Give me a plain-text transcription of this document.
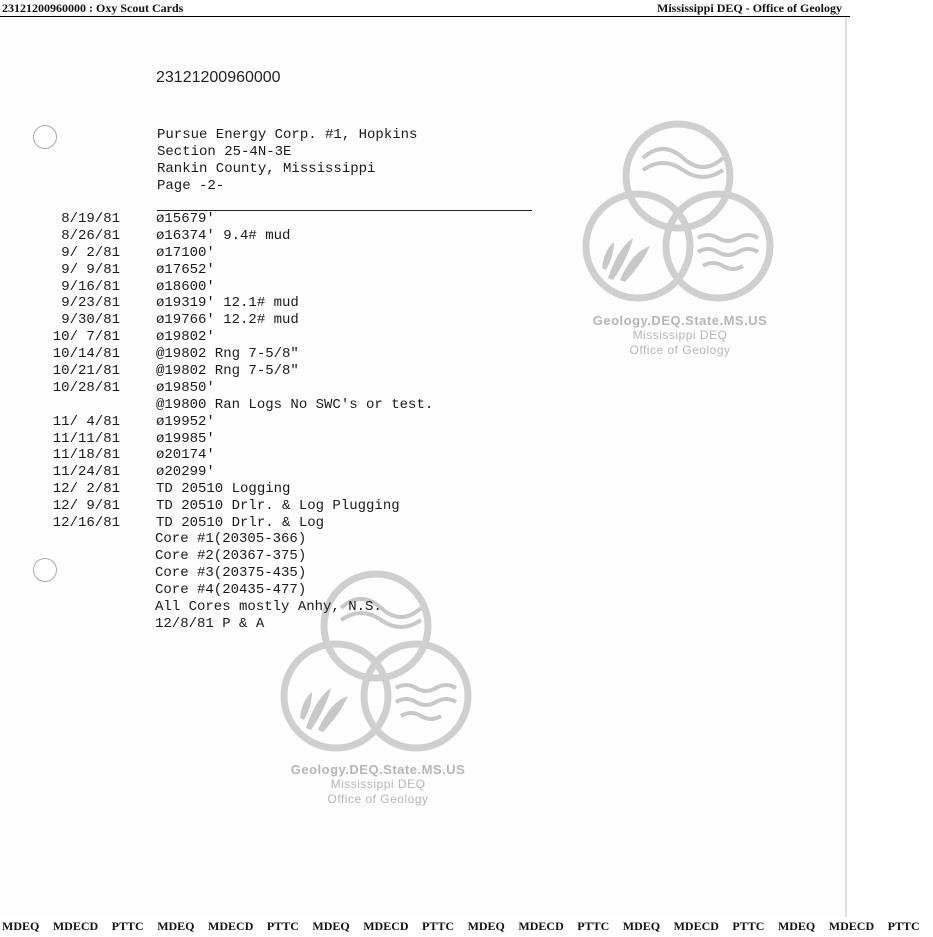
23121200960000 : Oxy Scout Cards	Mississippi DEQ - Office of Geology
Geology.DEQ.State.MS.US
Mississippi DEQ
Office of Geology
Geology.DEQ.State.MS.US
Mississippi DEQ
Office of Geology
23121200960000
Pursue Energy Corp. #1, Hopkins
Section 25-4N-3E
Rankin County, Mississippi
Page -2-
8/19/81	ø15679'
8/26/81	ø16374' 9.4# mud
9/ 2/81	ø17100'
9/ 9/81	ø17652'
9/16/81	ø18600'
9/23/81	ø19319' 12.1# mud
9/30/81	ø19766' 12.2# mud
10/ 7/81	ø19802'
10/14/81	@19802 Rng 7-5/8"
10/21/81	@19802 Rng 7-5/8"
10/28/81	ø19850'
@19800 Ran Logs No SWC's or test.
11/ 4/81	ø19952'
11/11/81	ø19985'
11/18/81	ø20174'
11/24/81	ø20299'
12/ 2/81	TD 20510 Logging
12/ 9/81	TD 20510 Drlr. & Log Plugging
12/16/81	TD 20510 Drlr. & Log
Core #1(20305-366)
Core #2(20367-375)
Core #3(20375-435)
Core #4(20435-477)
All Cores mostly Anhy, N.S.
12/8/81 P & A
MDEQ MDECD PTTC MDEQ MDECD PTTC MDEQ MDECD PTTC MDEQ MDECD PTTC MDEQ MDECD PTTC MDEQ MDECD PTTC
